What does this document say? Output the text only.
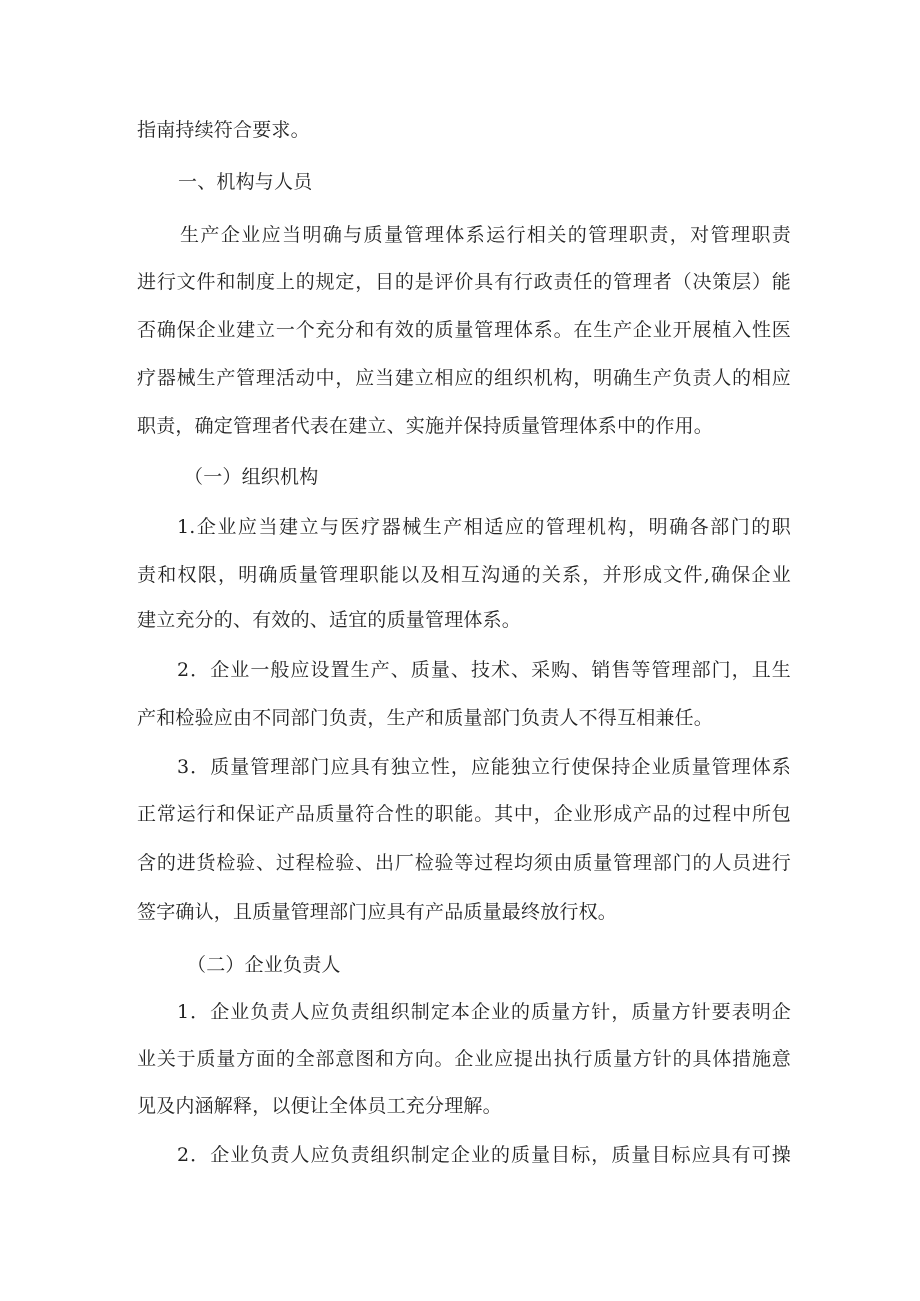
指南持续符合要求。
一、机构与人员
生产企业应当明确与质量管理体系运行相关的管理职责，对管理职责
进行文件和制度上的规定，目的是评价具有行政责任的管理者（决策层）能
否确保企业建立一个充分和有效的质量管理体系。在生产企业开展植入性医
疗器械生产管理活动中，应当建立相应的组织机构，明确生产负责人的相应
职责，确定管理者代表在建立、实施并保持质量管理体系中的作用。
（一）组织机构
1.企业应当建立与医疗器械生产相适应的管理机构，明确各部门的职
责和权限，明确质量管理职能以及相互沟通的关系，并形成文件,确保企业
建立充分的、有效的、适宜的质量管理体系。
2．企业一般应设置生产、质量、技术、采购、销售等管理部门，且生
产和检验应由不同部门负责，生产和质量部门负责人不得互相兼任。
3．质量管理部门应具有独立性，应能独立行使保持企业质量管理体系
正常运行和保证产品质量符合性的职能。其中，企业形成产品的过程中所包
含的进货检验、过程检验、出厂检验等过程均须由质量管理部门的人员进行
签字确认，且质量管理部门应具有产品质量最终放行权。
（二）企业负责人
1．企业负责人应负责组织制定本企业的质量方针，质量方针要表明企
业关于质量方面的全部意图和方向。企业应提出执行质量方针的具体措施意
见及内涵解释，以便让全体员工充分理解。
2．企业负责人应负责组织制定企业的质量目标，质量目标应具有可操
